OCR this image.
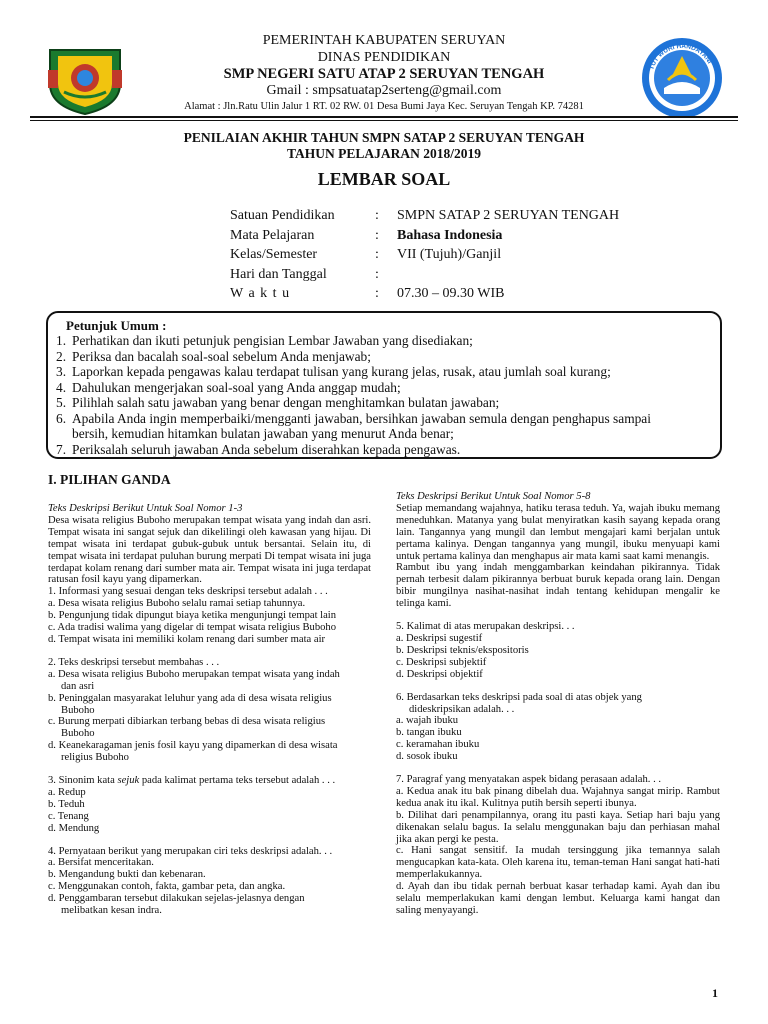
TUT WURI HANDAYANI
PEMERINTAH KABUPATEN SERUYAN
DINAS PENDIDIKAN
SMP NEGERI SATU ATAP 2 SERUYAN TENGAH
Gmail : smpsatuatap2serteng@gmail.com
Alamat : Jln.Ratu Ulin Jalur 1 RT. 02 RW. 01 Desa Bumi Jaya Kec. Seruyan Tengah KP. 74281
PENILAIAN AKHIR TAHUN SMPN SATAP 2 SERUYAN TENGAH
TAHUN PELAJARAN 2018/2019
LEMBAR SOAL
Satuan Pendidikan	: SMPN SATAP 2 SERUYAN TENGAH
Mata Pelajaran	: Bahasa Indonesia
Kelas/Semester	: VII (Tujuh)/Ganjil
Hari dan Tanggal	:
W a k t u	: 07.30 – 09.30 WIB
Petunjuk Umum :
1. Perhatikan dan ikuti petunjuk pengisian Lembar Jawaban yang disediakan;
2. Periksa dan bacalah soal-soal sebelum Anda menjawab;
3. Laporkan kepada pengawas kalau terdapat tulisan yang kurang jelas, rusak, atau jumlah soal kurang;
4. Dahulukan mengerjakan soal-soal yang Anda anggap mudah;
5. Pilihlah salah satu jawaban yang benar dengan menghitamkan bulatan jawaban;
6. Apabila Anda ingin memperbaiki/mengganti jawaban, bersihkan jawaban semula dengan penghapus sampai
bersih, kemudian hitamkan bulatan jawaban yang menurut Anda benar;
7. Periksalah seluruh jawaban Anda sebelum diserahkan kepada pengawas.
I. PILIHAN GANDA
Teks Deskripsi Berikut Untuk Soal Nomor 1-3
Desa wisata religius Buboho merupakan tempat wisata yang indah dan asri. Tempat wisata ini sangat sejuk dan dikelilingi oleh kawasan yang hijau. Di tempat wisata ini terdapat gubuk-gubuk untuk bersantai. Selain itu, di tempat wisata ini terdapat puluhan burung merpati Di tempat wisata ini juga terdapat kolam renang dari sumber mata air. Tempat wisata ini juga terdapat ratusan fosil kayu yang dipamerkan.
1. Informasi yang sesuai dengan teks deskripsi tersebut adalah . . .
a. Desa wisata religius Buboho selalu ramai setiap tahunnya.
b. Pengunjung tidak dipungut biaya ketika mengunjungi tempat lain
c. Ada tradisi walima yang digelar di tempat wisata religius Buboho
d. Tempat wisata ini memiliki kolam renang dari sumber mata air
2. Teks deskripsi tersebut membahas . . .
a. Desa wisata religius Buboho merupakan tempat wisata yang indah
dan asri
b. Peninggalan masyarakat leluhur yang ada di desa wisata religius
Buboho
c. Burung merpati dibiarkan terbang bebas di desa wisata religius
Buboho
d. Keanekaragaman jenis fosil kayu yang dipamerkan di desa wisata
religius Buboho
3. Sinonim kata sejuk pada kalimat pertama teks tersebut adalah . . .
a. Redup
b. Teduh
c. Tenang
d. Mendung
4. Pernyataan berikut yang merupakan ciri teks deskripsi adalah. . .
a. Bersifat menceritakan.
b. Mengandung bukti dan kebenaran.
c. Menggunakan contoh, fakta, gambar peta, dan angka.
d. Penggambaran tersebut dilakukan sejelas-jelasnya dengan
melibatkan kesan indra.
Teks Deskripsi Berikut Untuk Soal Nomor 5-8
Setiap memandang wajahnya, hatiku terasa teduh. Ya, wajah ibuku memang meneduhkan. Matanya yang bulat menyiratkan kasih sayang kepada orang lain. Tangannya yang mungil dan lembut mengajari kami berjalan untuk pertama kalinya. Dengan tangannya yang mungil, ibuku menyuapi kami untuk pertama kalinya dan menghapus air mata kami saat kami menangis.
Rambut ibu yang indah menggambarkan keindahan pikirannya. Tidak pernah terbesit dalam pikirannya berbuat buruk kepada orang lain. Dengan bibir mungilnya nasihat-nasihat indah tentang kehidupan mengalir ke telinga kami.
5. Kalimat di atas merupakan deskripsi. . .
a. Deskripsi sugestif
b. Deskripsi teknis/ekspositoris
c. Deskripsi subjektif
d. Deskripsi objektif
6. Berdasarkan teks deskripsi pada soal di atas objek yang
dideskripsikan adalah. . .
a. wajah ibuku
b. tangan ibuku
c. keramahan ibuku
d. sosok ibuku
7. Paragraf yang menyatakan aspek bidang perasaan adalah. . .
a. Kedua anak itu bak pinang dibelah dua. Wajahnya sangat mirip. Rambut kedua anak itu ikal. Kulitnya putih bersih seperti ibunya.
b. Dilihat dari penampilannya, orang itu pasti kaya. Setiap hari baju yang dikenakan selalu bagus. Ia selalu menggunakan baju dan perhiasan mahal jika akan pergi ke pesta.
c. Hani sangat sensitif. Ia mudah tersinggung jika temannya salah mengucapkan kata-kata. Oleh karena itu, teman-teman Hani sangat hati-hati memperlakukannya.
d. Ayah dan ibu tidak pernah berbuat kasar terhadap kami. Ayah dan ibu selalu memperlakukan kami dengan lembut. Keluarga kami hangat dan saling menyayangi.
1
